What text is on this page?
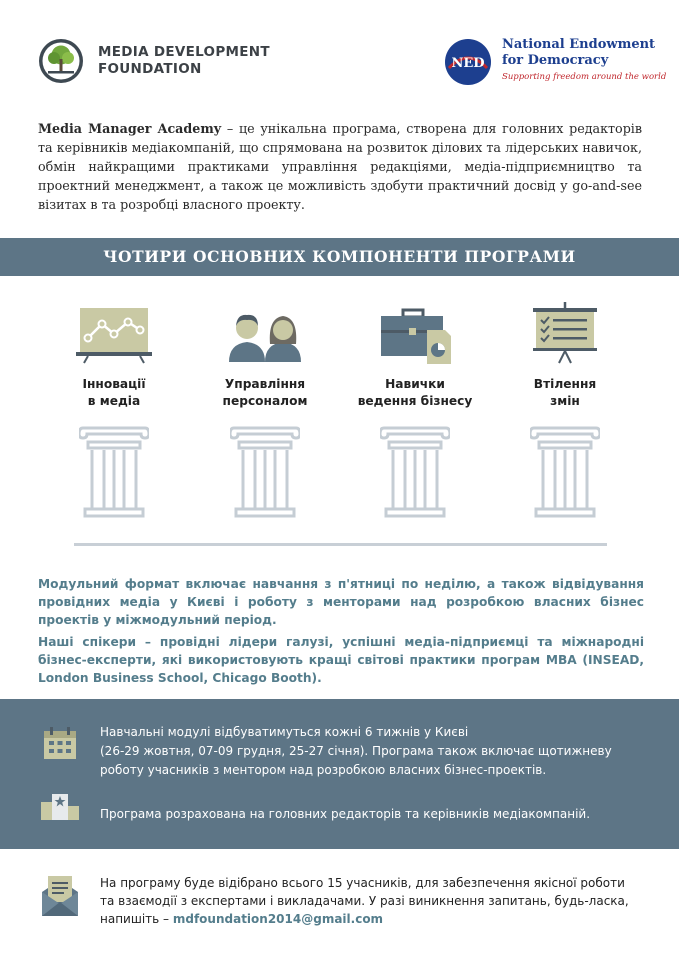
MEDIA DEVELOPMENT
FOUNDATION	NED
National Endowment
for Democracy
Supporting freedom around the world
Media Manager Academy – це унікальна програма, створена для головних редакторів та керівників медіакомпаній, що спрямована на розвиток ділових та лідерських навичок, обмін найкращими практиками управління редакціями, медіа-підприємництво та проектний менеджмент, а також це можливість здобути практичний досвід у go-and-see візитах в та розробці власного проекту.
ЧОТИРИ ОСНОВНИХ КОМПОНЕНТИ ПРОГРАМИ
Інновації
в медіа
Управління
персоналом
Навички
ведення бізнесу
Втілення
змін
Модульний формат включає навчання з п'ятниці по неділю, а також відвідування провідних медіа у Києві і роботу з менторами над розробкою власних бізнес проектів у міжмодульний період.
Наші спікери – провідні лідери галузі, успішні медіа-підприємці та міжнародні бізнес-експерти, які використовують кращі світові практики програм МВА (INSEAD, London Business School, Chicago Booth).
Навчальні модулі відбуватимуться кожні 6 тижнів у Києві
(26-29 жовтня, 07-09 грудня, 25-27 січня). Програма також включає щотижневу роботу учасників з ментором над розробкою власних бізнес-проектів.
Програма розрахована на головних редакторів та керівників медіакомпаній.
На програму буде відібрано всього 15 учасників, для забезпечення якісної роботи та взаємодії з експертами і викладачами. У разі виникнення запитань, будь-ласка, напишіть – mdfoundation2014@gmail.com
